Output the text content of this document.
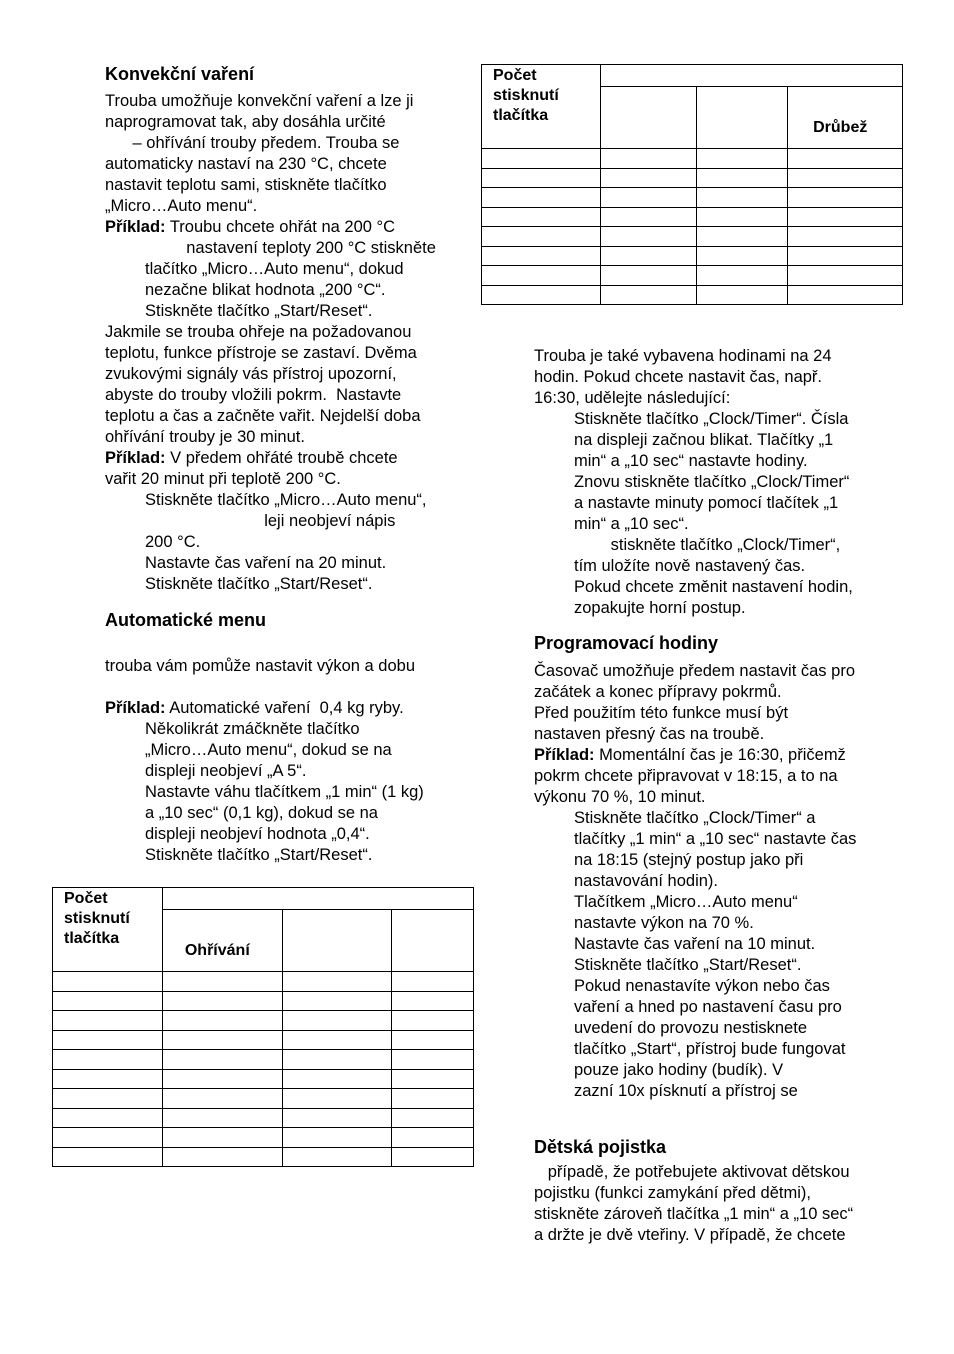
Konvekční vaření
Trouba umožňuje konvekční vaření a lze ji
naprogramovat tak, aby dosáhla určité
– ohřívání trouby předem. Trouba se
automaticky nastaví na 230 °C, chcete
nastavit teplotu sami, stiskněte tlačítko
„Micro…Auto menu“.
Příklad: Troubu chcete ohřát na 200 °C
nastavení teploty 200 °C stiskněte
tlačítko „Micro…Auto menu“, dokud
nezačne blikat hodnota „200 °C“.
Stiskněte tlačítko „Start/Reset“.
Jakmile se trouba ohřeje na požadovanou
teplotu, funkce přístroje se zastaví. Dvěma
zvukovými signály vás přístroj upozorní,
abyste do trouby vložili pokrm.  Nastavte
teplotu a čas a začněte vařit. Nejdelší doba
ohřívání trouby je 30 minut.
Příklad: V předem ohřáté troubě chcete
vařit 20 minut při teplotě 200 °C.
Stiskněte tlačítko „Micro…Auto menu“,
leji neobjeví nápis
200 °C.
Nastavte čas vaření na 20 minut.
Stiskněte tlačítko „Start/Reset“.
Automatické menu
trouba vám pomůže nastavit výkon a dobu
Příklad: Automatické vaření  0,4 kg ryby.
Několikrát zmáčkněte tlačítko
„Micro…Auto menu“, dokud se na
displeji neobjeví „A 5“.
Nastavte váhu tlačítkem „1 min“ (1 kg)
a „10 sec“ (0,1 kg), dokud se na
displeji neobjeví hodnota „0,4“.
Stiskněte tlačítko „Start/Reset“.
Počet
stisknutí
tlačítka			
	Ohřívání		

Počet
stisknutí
tlačítka			
			Drůbež

Trouba je také vybavena hodinami na 24
hodin. Pokud chcete nastavit čas, např.
16:30, udělejte následující:
Stiskněte tlačítko „Clock/Timer“. Čísla
na displeji začnou blikat. Tlačítky „1
min“ a „10 sec“ nastavte hodiny.
Znovu stiskněte tlačítko „Clock/Timer“
a nastavte minuty pomocí tlačítek „1
min“ a „10 sec“.
stiskněte tlačítko „Clock/Timer“,
tím uložíte nově nastavený čas.
Pokud chcete změnit nastavení hodin,
zopakujte horní postup.
Programovací hodiny
Časovač umožňuje předem nastavit čas pro
začátek a konec přípravy pokrmů.
Před použitím této funkce musí být
nastaven přesný čas na troubě.
Příklad: Momentální čas je 16:30, přičemž
pokrm chcete připravovat v 18:15, a to na
výkonu 70 %, 10 minut.
Stiskněte tlačítko „Clock/Timer“ a
tlačítky „1 min“ a „10 sec“ nastavte čas
na 18:15 (stejný postup jako při
nastavování hodin).
Tlačítkem „Micro…Auto menu“
nastavte výkon na 70 %.
Nastavte čas vaření na 10 minut.
Stiskněte tlačítko „Start/Reset“.
Pokud nenastavíte výkon nebo čas
vaření a hned po nastavení času pro
uvedení do provozu nestisknete
tlačítko „Start“, přístroj bude fungovat
pouze jako hodiny (budík). V
zazní 10x písknutí a přístroj se
Dětská pojistka
případě, že potřebujete aktivovat dětskou
pojistku (funkci zamykání před dětmi),
stiskněte zároveň tlačítka „1 min“ a „10 sec“
a držte je dvě vteřiny. V případě, že chcete
